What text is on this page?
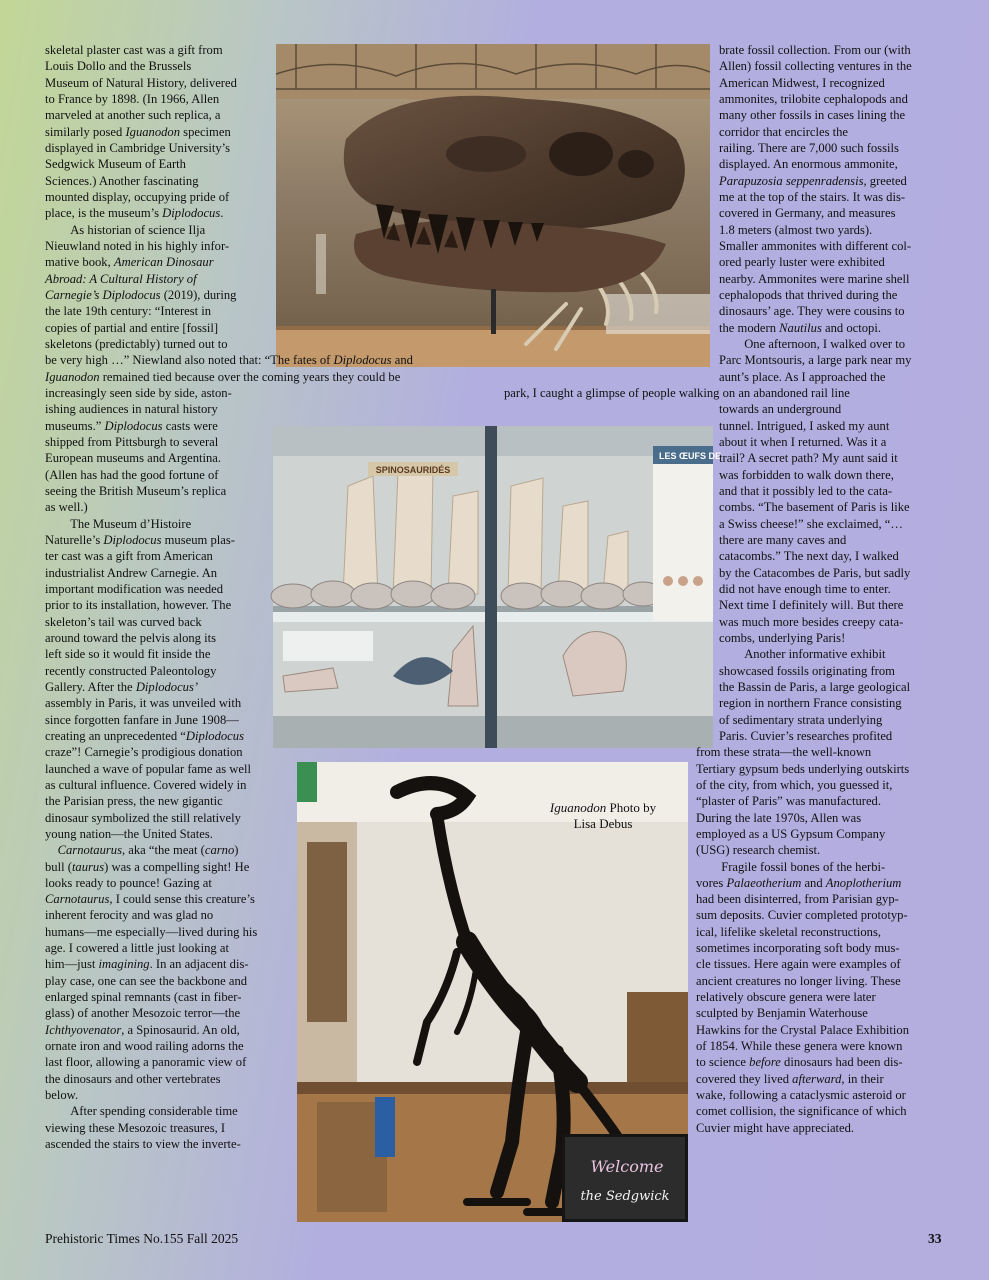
SPINOSAURIDÉS
LES ŒUFS DE
Welcome
the Sedgwick
Iguanodon Photo by
Lisa Debus
skeletal plaster cast was a gift from
Louis Dollo and the Brussels
Museum of Natural History, delivered
to France by 1898. (In 1966, Allen
marveled at another such replica, a
similarly posed Iguanodon specimen
displayed in Cambridge University’s
Sedgwick Museum of Earth
Sciences.) Another fascinating
mounted display, occupying pride of
place, is the museum’s Diplodocus.
As historian of science Ilja
Nieuwland noted in his highly infor-
mative book, American Dinosaur
Abroad: A Cultural History of
Carnegie’s Diplodocus (2019), during
the late 19th century: “Interest in
copies of partial and entire [fossil]
skeletons (predictably) turned out to
be very high …” Niewland also noted that: “The fates of Diplodocus and
Iguanodon remained tied because over the coming years they could be
increasingly seen side by side, aston-
ishing audiences in natural history
museums.” Diplodocus casts were
shipped from Pittsburgh to several
European museums and Argentina.
(Allen has had the good fortune of
seeing the British Museum’s replica
as well.)
The Museum d’Histoire
Naturelle’s Diplodocus museum plas-
ter cast was a gift from American
industrialist Andrew Carnegie. An
important modification was needed
prior to its installation, however. The
skeleton’s tail was curved back
around toward the pelvis along its
left side so it would fit inside the
recently constructed Paleontology
Gallery. After the Diplodocus’
assembly in Paris, it was unveiled with
since forgotten fanfare in June 1908—
creating an unprecedented “Diplodocus
craze”! Carnegie’s prodigious donation
launched a wave of popular fame as well
as cultural influence. Covered widely in
the Parisian press, the new gigantic
dinosaur symbolized the still relatively
young nation—the United States.
Carnotaurus, aka “the meat (carno)
bull (taurus) was a compelling sight! He
looks ready to pounce! Gazing at
Carnotaurus, I could sense this creature’s
inherent ferocity and was glad no
humans—me especially—lived during his
age. I cowered a little just looking at
him—just imagining. In an adjacent dis-
play case, one can see the backbone and
enlarged spinal remnants (cast in fiber-
glass) of another Mesozoic terror—the
Ichthyovenator, a Spinosaurid. An old,
ornate iron and wood railing adorns the
last floor, allowing a panoramic view of
the dinosaurs and other vertebrates
below.
After spending considerable time
viewing these Mesozoic treasures, I
ascended the stairs to view the inverte-
brate fossil collection. From our (with
Allen) fossil collecting ventures in the
American Midwest, I recognized
ammonites, trilobite cephalopods and
many other fossils in cases lining the
corridor that encircles the
railing. There are 7,000 such fossils
displayed. An enormous ammonite,
Parapuzosia seppenradensis, greeted
me at the top of the stairs. It was dis-
covered in Germany, and measures
1.8 meters (almost two yards).
Smaller ammonites with different col-
ored pearly luster were exhibited
nearby. Ammonites were marine shell
cephalopods that thrived during the
dinosaurs’ age. They were cousins to
the modern Nautilus and octopi.
One afternoon, I walked over to
Parc Montsouris, a large park near my
aunt’s place. As I approached the
park, I caught a glimpse of people walking on an abandoned rail line
towards an underground
tunnel. Intrigued, I asked my aunt
about it when I returned. Was it a
trail? A secret path? My aunt said it
was forbidden to walk down there,
and that it possibly led to the cata-
combs. “The basement of Paris is like
a Swiss cheese!” she exclaimed, “…
there are many caves and
catacombs.” The next day, I walked
by the Catacombes de Paris, but sadly
did not have enough time to enter.
Next time I definitely will. But there
was much more besides creepy cata-
combs, underlying Paris!
Another informative exhibit
showcased fossils originating from
the Bassin de Paris, a large geological
region in northern France consisting
of sedimentary strata underlying
Paris. Cuvier’s researches profited
from these strata—the well-known
Tertiary gypsum beds underlying outskirts
of the city, from which, you guessed it,
“plaster of Paris” was manufactured.
During the late 1970s, Allen was
employed as a US Gypsum Company
(USG) research chemist.
Fragile fossil bones of the herbi-
vores Palaeotherium and Anoplotherium
had been disinterred, from Parisian gyp-
sum deposits. Cuvier completed prototyp-
ical, lifelike skeletal reconstructions,
sometimes incorporating soft body mus-
cle tissues. Here again were examples of
ancient creatures no longer living. These
relatively obscure genera were later
sculpted by Benjamin Waterhouse
Hawkins for the Crystal Palace Exhibition
of 1854. While these genera were known
to science before dinosaurs had been dis-
covered they lived afterward, in their
wake, following a cataclysmic asteroid or
comet collision, the significance of which
Cuvier might have appreciated.
Prehistoric Times No.155 Fall 2025	33
